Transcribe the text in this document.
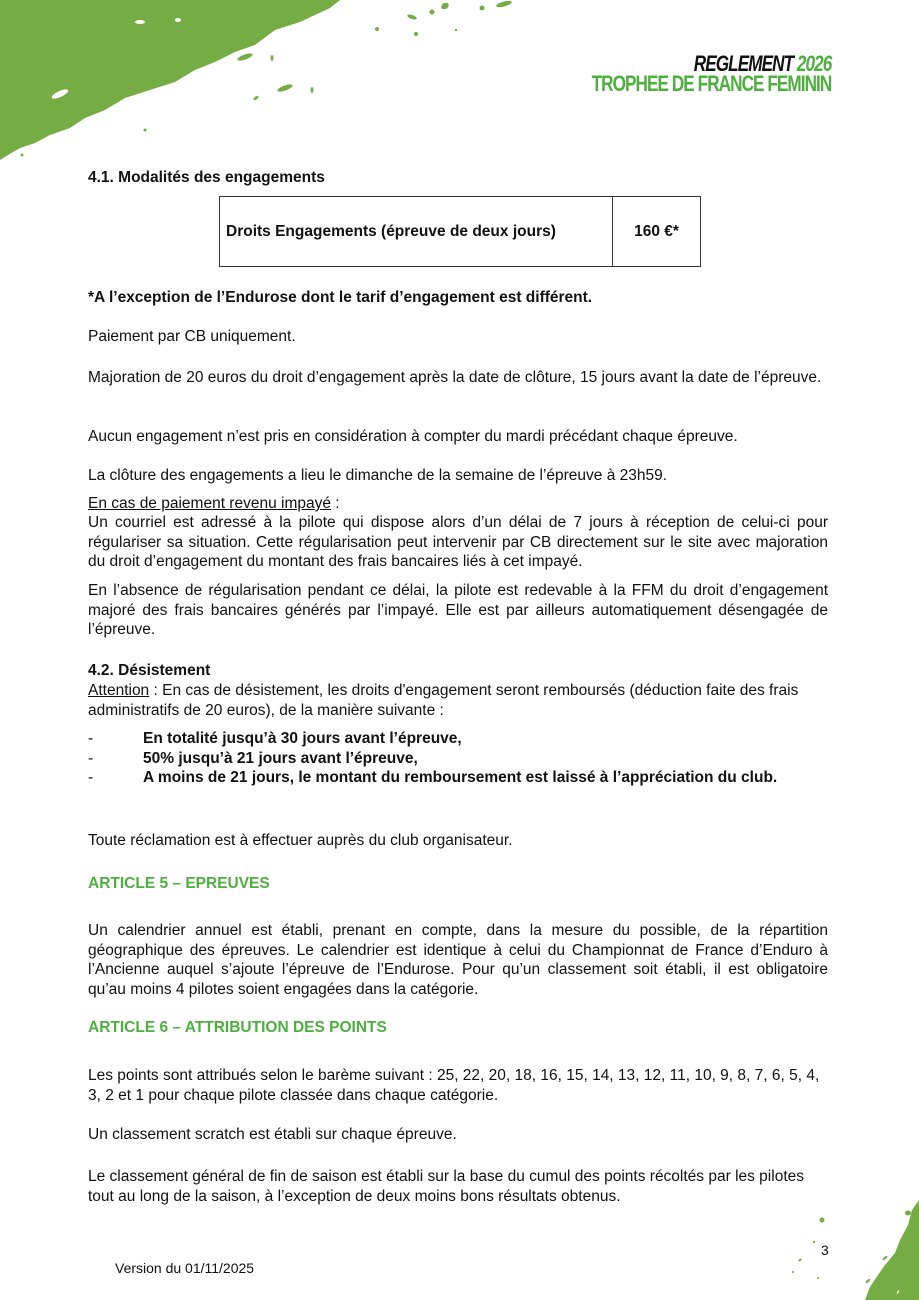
REGLEMENT 2026
TROPHEE DE FRANCE FEMININ
4.1. Modalités des engagements
Droits Engagements (épreuve de deux jours)	160 €*
*A l’exception de l’Endurose dont le tarif d’engagement est différent.
Paiement par CB uniquement.
Majoration de 20 euros du droit d’engagement après la date de clôture, 15 jours avant la date de l’épreuve.
Aucun engagement n’est pris en considération à compter du mardi précédant chaque épreuve.
La clôture des engagements a lieu le dimanche de la semaine de l’épreuve à 23h59.
En cas de paiement revenu impayé :
Un courriel est adressé à la pilote qui dispose alors d’un délai de 7 jours à réception de celui-ci pour régulariser sa situation. Cette régularisation peut intervenir par CB directement sur le site avec majoration du droit d’engagement du montant des frais bancaires liés à cet impayé.
En l’absence de régularisation pendant ce délai, la pilote est redevable à la FFM du droit d’engagement majoré des frais bancaires générés par l’impayé. Elle est par ailleurs automatiquement désengagée de l’épreuve.
4.2. Désistement
Attention : En cas de désistement, les droits d'engagement seront remboursés (déduction faite des frais administratifs de 20 euros), de la manière suivante :
- En totalité jusqu’à 30 jours avant l’épreuve,
- 50% jusqu’à 21 jours avant l’épreuve,
- A moins de 21 jours, le montant du remboursement est laissé à l’appréciation du club.
Toute réclamation est à effectuer auprès du club organisateur.
ARTICLE 5 – EPREUVES
Un calendrier annuel est établi, prenant en compte, dans la mesure du possible, de la répartition géographique des épreuves. Le calendrier est identique à celui du Championnat de France d’Enduro à l’Ancienne auquel s’ajoute l’épreuve de l’Endurose. Pour qu’un classement soit établi, il est obligatoire qu’au moins 4 pilotes soient engagées dans la catégorie.
ARTICLE 6 – ATTRIBUTION DES POINTS
Les points sont attribués selon le barème suivant : 25, 22, 20, 18, 16, 15, 14, 13, 12, 11, 10, 9, 8, 7, 6, 5, 4, 3, 2 et 1 pour chaque pilote classée dans chaque catégorie.
Un classement scratch est établi sur chaque épreuve.
Le classement général de fin de saison est établi sur la base du cumul des points récoltés par les pilotes tout au long de la saison, à l’exception de deux moins bons résultats obtenus.
Version du 01/11/2025
3
